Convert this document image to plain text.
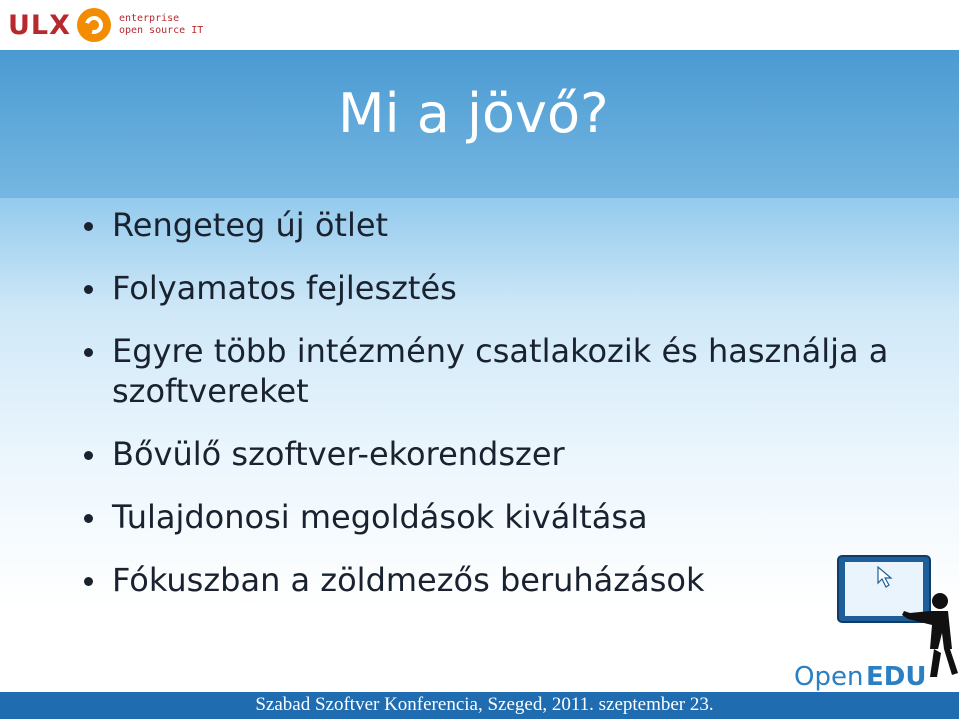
ULX	enterprise
open source IT
Mi a jövő?
Rengeteg új ötlet
Folyamatos fejlesztés
Egyre több intézmény csatlakozik és használja a szoftvereket
Bővülő szoftver-ekorendszer
Tulajdonosi megoldások kiváltása
Fókuszban a zöldmezős beruházások
Open EDU
Szabad Szoftver Konferencia, Szeged, 2011. szeptember 23.
